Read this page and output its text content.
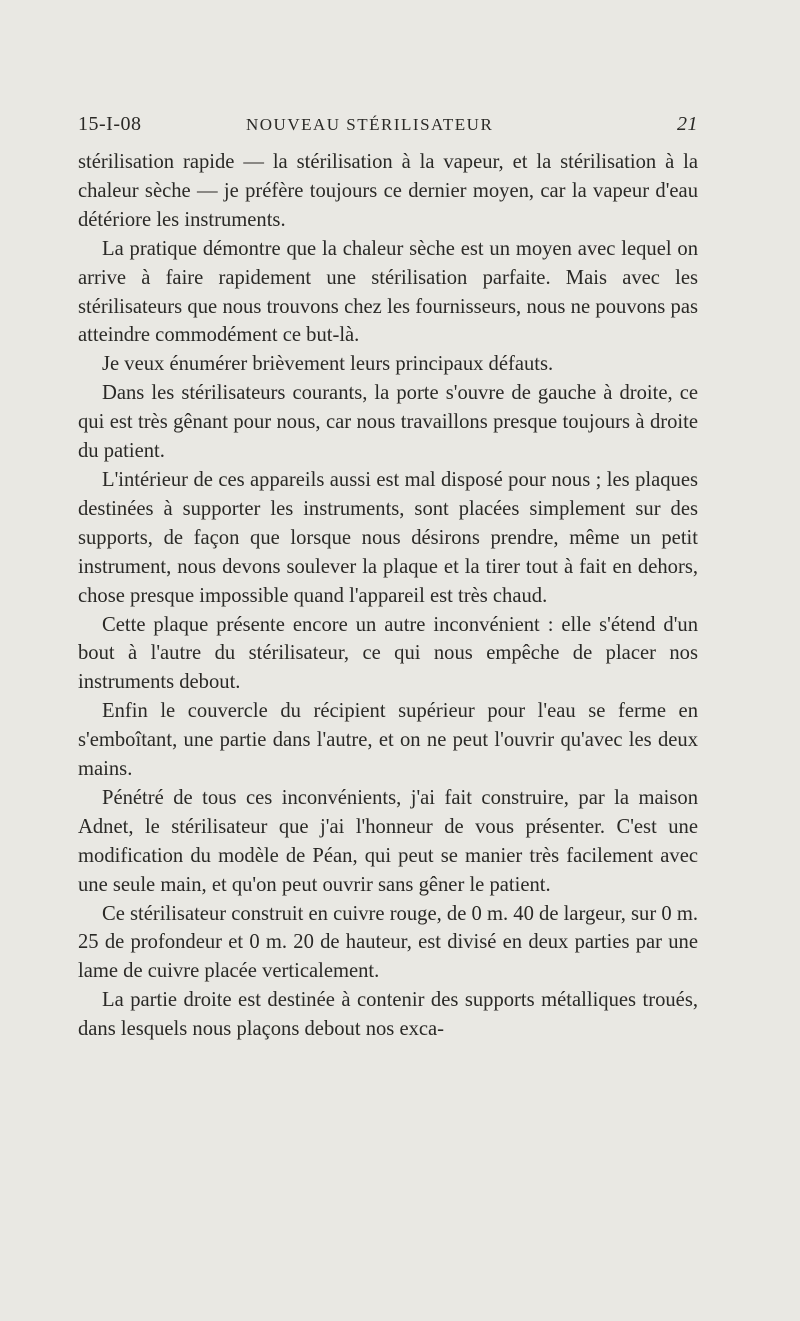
15-I-08	NOUVEAU STÉRILISATEUR	21

stérilisation rapide — la stérilisation à la vapeur, et la stérilisation à la chaleur sèche — je préfère toujours ce dernier moyen, car la vapeur d'eau détériore les instruments.

La pratique démontre que la chaleur sèche est un moyen avec lequel on arrive à faire rapidement une stérilisation parfaite. Mais avec les stérilisateurs que nous trouvons chez les fournisseurs, nous ne pouvons pas atteindre commodément ce but-là.

Je veux énumérer brièvement leurs principaux défauts.

Dans les stérilisateurs courants, la porte s'ouvre de gauche à droite, ce qui est très gênant pour nous, car nous travaillons presque toujours à droite du patient.

L'intérieur de ces appareils aussi est mal disposé pour nous ; les plaques destinées à supporter les instruments, sont placées simplement sur des supports, de façon que lorsque nous désirons prendre, même un petit instrument, nous devons soulever la plaque et la tirer tout à fait en dehors, chose presque impossible quand l'appareil est très chaud.

Cette plaque présente encore un autre inconvénient : elle s'étend d'un bout à l'autre du stérilisateur, ce qui nous empêche de placer nos instruments debout.

Enfin le couvercle du récipient supérieur pour l'eau se ferme en s'emboîtant, une partie dans l'autre, et on ne peut l'ouvrir qu'avec les deux mains.

Pénétré de tous ces inconvénients, j'ai fait construire, par la maison Adnet, le stérilisateur que j'ai l'honneur de vous présenter. C'est une modification du modèle de Péan, qui peut se manier très facilement avec une seule main, et qu'on peut ouvrir sans gêner le patient.

Ce stérilisateur construit en cuivre rouge, de 0 m. 40 de largeur, sur 0 m. 25 de profondeur et 0 m. 20 de hauteur, est divisé en deux parties par une lame de cuivre placée verticalement.

La partie droite est destinée à contenir des supports métalliques troués, dans lesquels nous plaçons debout nos exca-
